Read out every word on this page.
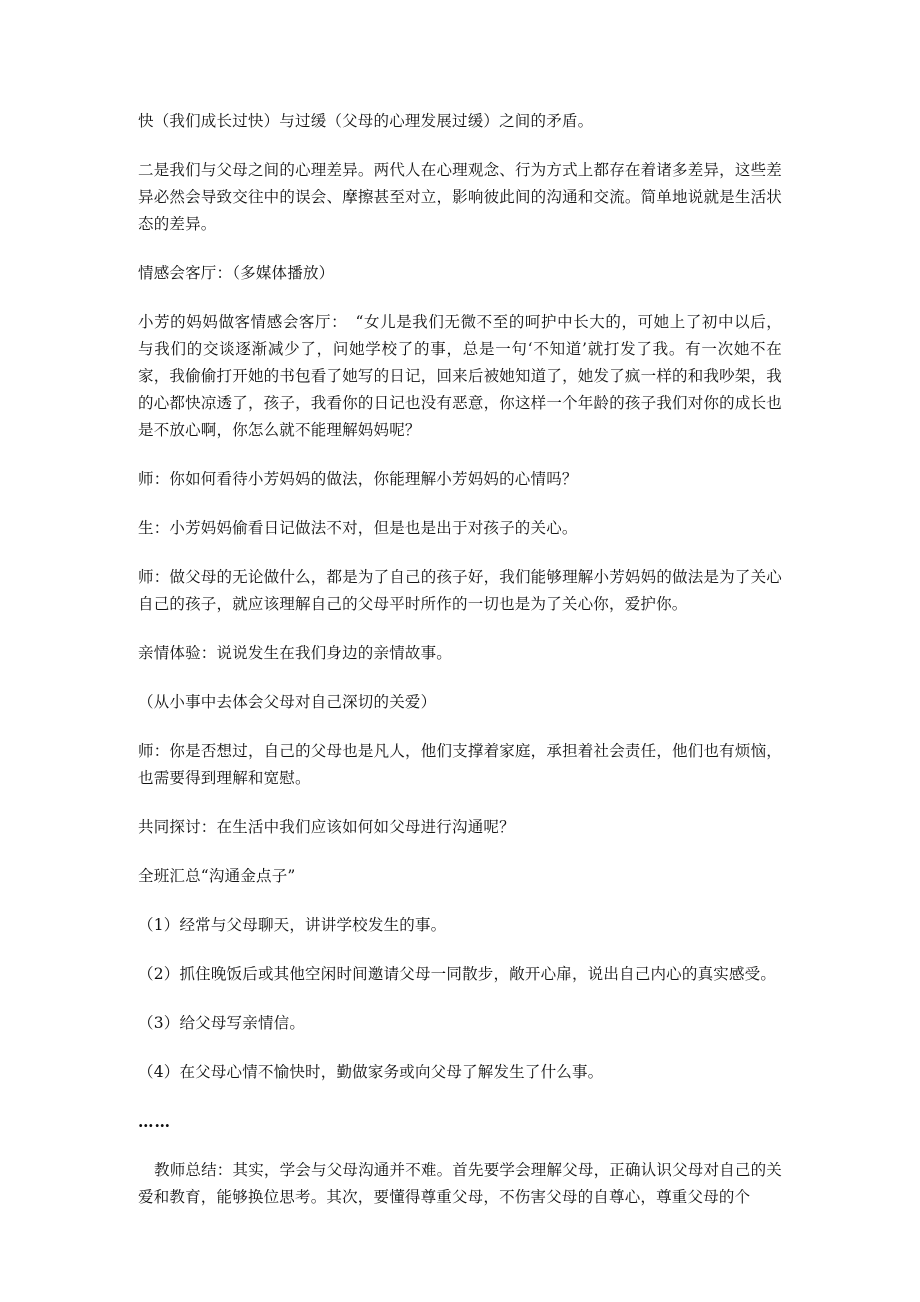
快（我们成长过快）与过缓（父母的心理发展过缓）之间的矛盾。

二是我们与父母之间的心理差异。两代人在心理观念、行为方式上都存在着诸多差异，这些差异必然会导致交往中的误会、摩擦甚至对立，影响彼此间的沟通和交流。简单地说就是生活状态的差异。

情感会客厅：（多媒体播放）

小芳的妈妈做客情感会客厅：　“女儿是我们无微不至的呵护中长大的，可她上了初中以后，与我们的交谈逐渐减少了，问她学校了的事，总是一句‘不知道’就打发了我。有一次她不在家，我偷偷打开她的书包看了她写的日记，回来后被她知道了，她发了疯一样的和我吵架，我的心都快凉透了，孩子，我看你的日记也没有恶意，你这样一个年龄的孩子我们对你的成长也是不放心啊，你怎么就不能理解妈妈呢？

师：你如何看待小芳妈妈的做法，你能理解小芳妈妈的心情吗？

生：小芳妈妈偷看日记做法不对，但是也是出于对孩子的关心。

师：做父母的无论做什么，都是为了自己的孩子好，我们能够理解小芳妈妈的做法是为了关心自己的孩子，就应该理解自己的父母平时所作的一切也是为了关心你，爱护你。

亲情体验：说说发生在我们身边的亲情故事。

（从小事中去体会父母对自己深切的关爱）

师：你是否想过，自己的父母也是凡人，他们支撑着家庭，承担着社会责任，他们也有烦恼，也需要得到理解和宽慰。

共同探讨：在生活中我们应该如何如父母进行沟通呢？

全班汇总“沟通金点子”

（1）经常与父母聊天，讲讲学校发生的事。

（2）抓住晚饭后或其他空闲时间邀请父母一同散步，敞开心扉，说出自己内心的真实感受。

（3）给父母写亲情信。

（4）在父母心情不愉快时，勤做家务或向父母了解发生了什么事。

……

教师总结：其实，学会与父母沟通并不难。首先要学会理解父母，正确认识父母对自己的关爱和教育，能够换位思考。其次，要懂得尊重父母，不伤害父母的自尊心，尊重父母的个
